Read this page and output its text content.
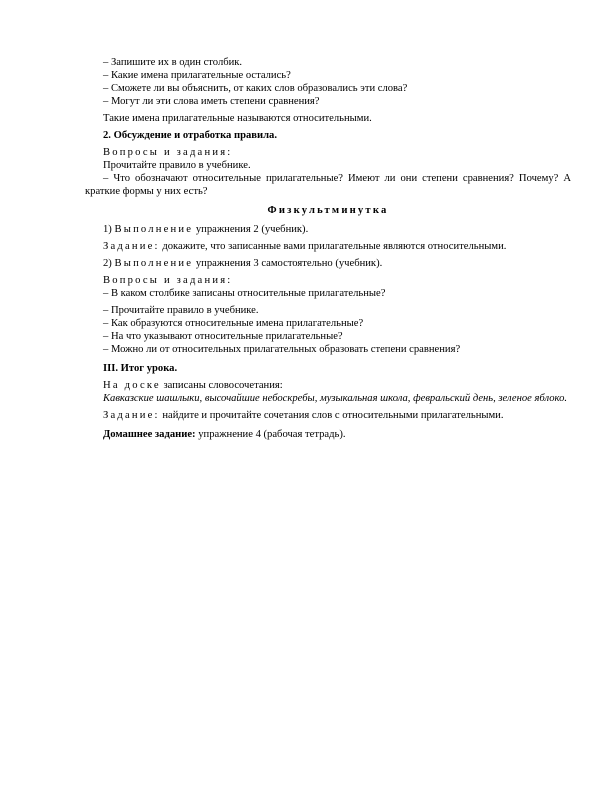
– Запишите их в один столбик.

– Какие имена прилагательные остались?

– Сможете ли вы объяснить, от каких слов образовались эти слова?

– Могут ли эти слова иметь степени сравнения?

Такие имена прилагательные называются относительными.

2. Обсуждение и отработка правила.

Вопросы и задания:

Прочитайте правило в учебнике.

– Что обозначают относительные прилагательные? Имеют ли они степени сравнения? Почему? А краткие формы у них есть?

Физкультминутка

1) Выполнение упражнения 2 (учебник).

Задание: докажите, что записанные вами прилагательные являются относительными.

2) Выполнение упражнения 3 самостоятельно (учебник).

Вопросы и задания:

– В каком столбике записаны относительные прилагательные?

– Прочитайте правило в учебнике.

– Как образуются относительные имена прилагательные?

– На что указывают относительные прилагательные?

– Можно ли от относительных прилагательных образовать степени сравнения?

III. Итог урока.

На доске записаны словосочетания:

Кавказские шашлыки, высочайшие небоскребы, музыкальная школа, февральский день, зеленое яблоко.

Задание: найдите и прочитайте сочетания слов с относительными прилагательными.

Домашнее задание: упражнение 4 (рабочая тетрадь).
